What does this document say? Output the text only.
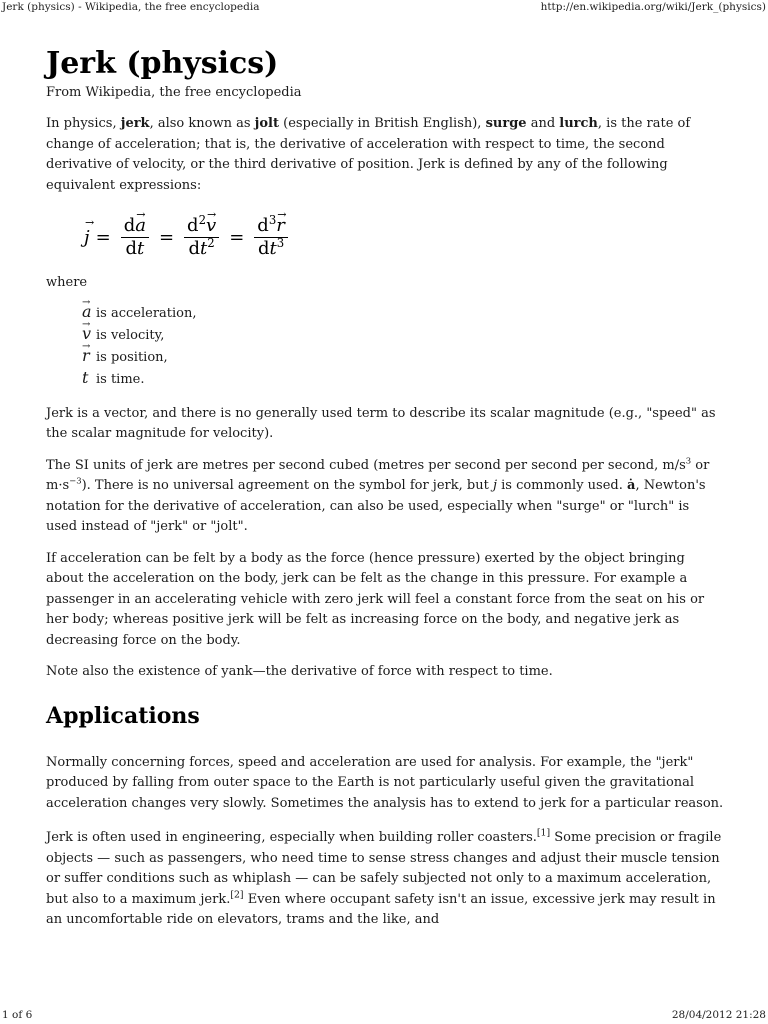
Jerk (physics) - Wikipedia, the free encyclopedia	http://en.wikipedia.org/wiki/Jerk_(physics)
Jerk (physics)
From Wikipedia, the free encyclopedia

In physics, jerk, also known as jolt (especially in British English), surge and lurch, is the rate of change of acceleration; that is, the derivative of acceleration with respect to time, the second derivative of velocity, or the third derivative of position. Jerk is defined by any of the following equivalent expressions:

→ $j = \frac{d\to a}{dt} = \frac{d^2\to v}{dt^2} = \frac{d^3\to r}{dt^3}$

where

→ a is acceleration,
→ v is velocity,
→ r is position,
t is time.

Jerk is a vector, and there is no generally used term to describe its scalar magnitude (e.g., "speed" as the scalar magnitude for velocity).

The SI units of jerk are metres per second cubed (metres per second per second per second, $m/s^3$ or $m\cdot s^{-3}$). There is no universal agreement on the symbol for jerk, but j is commonly used. ȧ, Newton's notation for the derivative of acceleration, can also be used, especially when "surge" or "lurch" is used instead of "jerk" or "jolt".

If acceleration can be felt by a body as the force (hence pressure) exerted by the object bringing about the acceleration on the body, jerk can be felt as the change in this pressure. For example a passenger in an accelerating vehicle with zero jerk will feel a constant force from the seat on his or her body; whereas positive jerk will be felt as increasing force on the body, and negative jerk as decreasing force on the body.

Note also the existence of yank—the derivative of force with respect to time.

Applications

Normally concerning forces, speed and acceleration are used for analysis. For example, the "jerk" produced by falling from outer space to the Earth is not particularly useful given the gravitational acceleration changes very slowly. Sometimes the analysis has to extend to jerk for a particular reason.

Jerk is often used in engineering, especially when building roller coasters.[1] Some precision or fragile objects — such as passengers, who need time to sense stress changes and adjust their muscle tension or suffer conditions such as whiplash — can be safely subjected not only to a maximum acceleration, but also to a maximum jerk.[2] Even where occupant safety isn't an issue, excessive jerk may result in an uncomfortable ride on elevators, trams and the like, and

1 of 6	28/04/2012 21:28
